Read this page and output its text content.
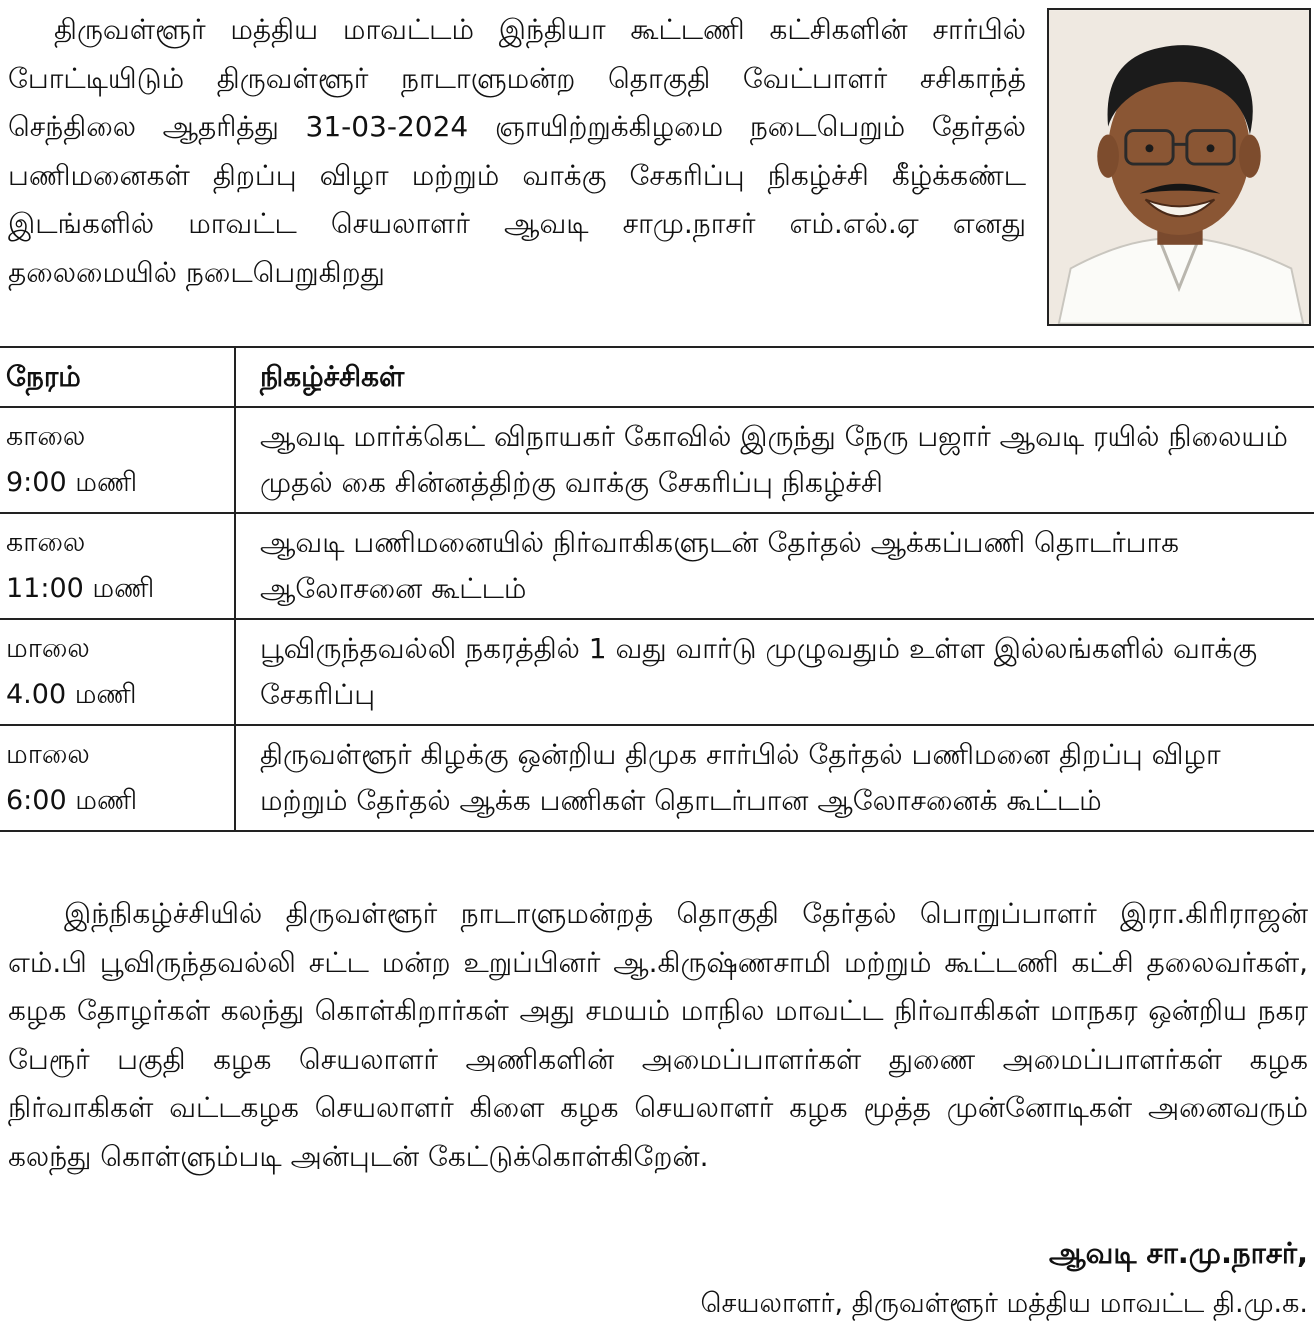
திருவள்ளூர் மத்திய மாவட்டம் இந்தியா கூட்டணி கட்சிகளின் சார்பில் போட்டியிடும் திருவள்ளூர் நாடாளுமன்ற தொகுதி வேட்பாளர் சசிகாந்த் செந்திலை ஆதரித்து 31-03-2024 ஞாயிற்றுக்கிழமை நடைபெறும் தேர்தல் பணிமனைகள் திறப்பு விழா மற்றும் வாக்கு சேகரிப்பு நிகழ்ச்சி கீழ்க்கண்ட இடங்களில் மாவட்ட செயலாளர் ஆவடி சாமு.நாசர் எம்.எல்.ஏ எனது தலைமையில் நடைபெறுகிறது

நேரம்	நிகழ்ச்சிகள்

காலை
9:00 மணி	ஆவடி மார்க்கெட் விநாயகர் கோவில் இருந்து நேரு பஜார் ஆவடி ரயில் நிலையம் முதல் கை சின்னத்திற்கு வாக்கு சேகரிப்பு நிகழ்ச்சி

காலை
11:00 மணி	ஆவடி பணிமனையில் நிர்வாகிகளுடன் தேர்தல் ஆக்கப்பணி தொடர்பாக ஆலோசனை கூட்டம்

மாலை
4.00 மணி	பூவிருந்தவல்லி நகரத்தில் 1 வது வார்டு முழுவதும் உள்ள இல்லங்களில் வாக்கு சேகரிப்பு

மாலை
6:00 மணி	திருவள்ளூர் கிழக்கு ஒன்றிய திமுக சார்பில் தேர்தல் பணிமனை திறப்பு விழா மற்றும் தேர்தல் ஆக்க பணிகள் தொடர்பான ஆலோசனைக் கூட்டம்

இந்நிகழ்ச்சியில் திருவள்ளூர் நாடாளுமன்றத் தொகுதி தேர்தல் பொறுப்பாளர் இரா.கிரிராஜன் எம்.பி பூவிருந்தவல்லி சட்ட மன்ற உறுப்பினர் ஆ.கிருஷ்ணசாமி மற்றும் கூட்டணி கட்சி தலைவர்கள், கழக தோழர்கள் கலந்து கொள்கிறார்கள் அது சமயம் மாநில மாவட்ட நிர்வாகிகள் மாநகர ஒன்றிய நகர பேரூர் பகுதி கழக செயலாளர் அணிகளின் அமைப்பாளர்கள் துணை அமைப்பாளர்கள் கழக நிர்வாகிகள் வட்டகழக செயலாளர் கிளை கழக செயலாளர் கழக மூத்த முன்னோடிகள் அனைவரும் கலந்து கொள்ளும்படி அன்புடன் கேட்டுக்கொள்கிறேன்.

ஆவடி சா.மு.நாசர்,

செயலாளர், திருவள்ளூர் மத்திய மாவட்ட தி.மு.க.
